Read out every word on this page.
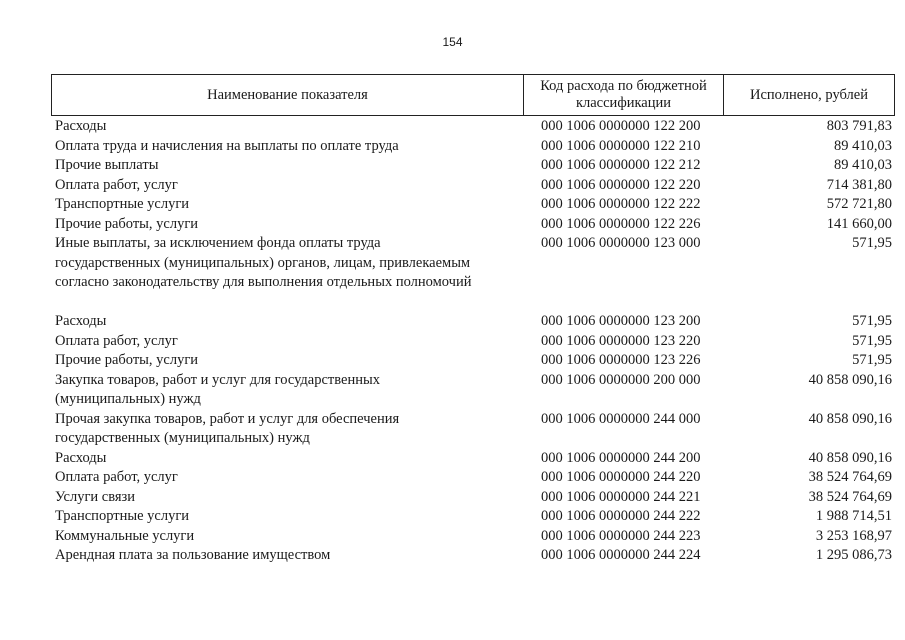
154
Наименование показателя
Код расхода по бюджетной классификации
Исполнено, рублей
Расходы	000 1006 0000000 122 200	803 791,83
Оплата труда и начисления на выплаты по оплате труда	000 1006 0000000 122 210	89 410,03
Прочие выплаты	000 1006 0000000 122 212	89 410,03
Оплата работ, услуг	000 1006 0000000 122 220	714 381,80
Транспортные услуги	000 1006 0000000 122 222	572 721,80
Прочие работы, услуги	000 1006 0000000 122 226	141 660,00
Иные выплаты, за исключением фонда оплаты труда
государственных (муниципальных) органов, лицам, привлекаемым
согласно законодательству для выполнения отдельных полномочий
000 1006 0000000 123 000	571,95
Расходы	000 1006 0000000 123 200	571,95
Оплата работ, услуг	000 1006 0000000 123 220	571,95
Прочие работы, услуги	000 1006 0000000 123 226	571,95
Закупка товаров, работ и услуг для государственных
(муниципальных) нужд
000 1006 0000000 200 000	40 858 090,16
Прочая закупка товаров, работ и услуг для обеспечения
государственных (муниципальных) нужд
000 1006 0000000 244 000	40 858 090,16
Расходы	000 1006 0000000 244 200	40 858 090,16
Оплата работ, услуг	000 1006 0000000 244 220	38 524 764,69
Услуги связи	000 1006 0000000 244 221	38 524 764,69
Транспортные услуги	000 1006 0000000 244 222	1 988 714,51
Коммунальные услуги	000 1006 0000000 244 223	3 253 168,97
Арендная плата за пользование имуществом	000 1006 0000000 244 224	1 295 086,73
